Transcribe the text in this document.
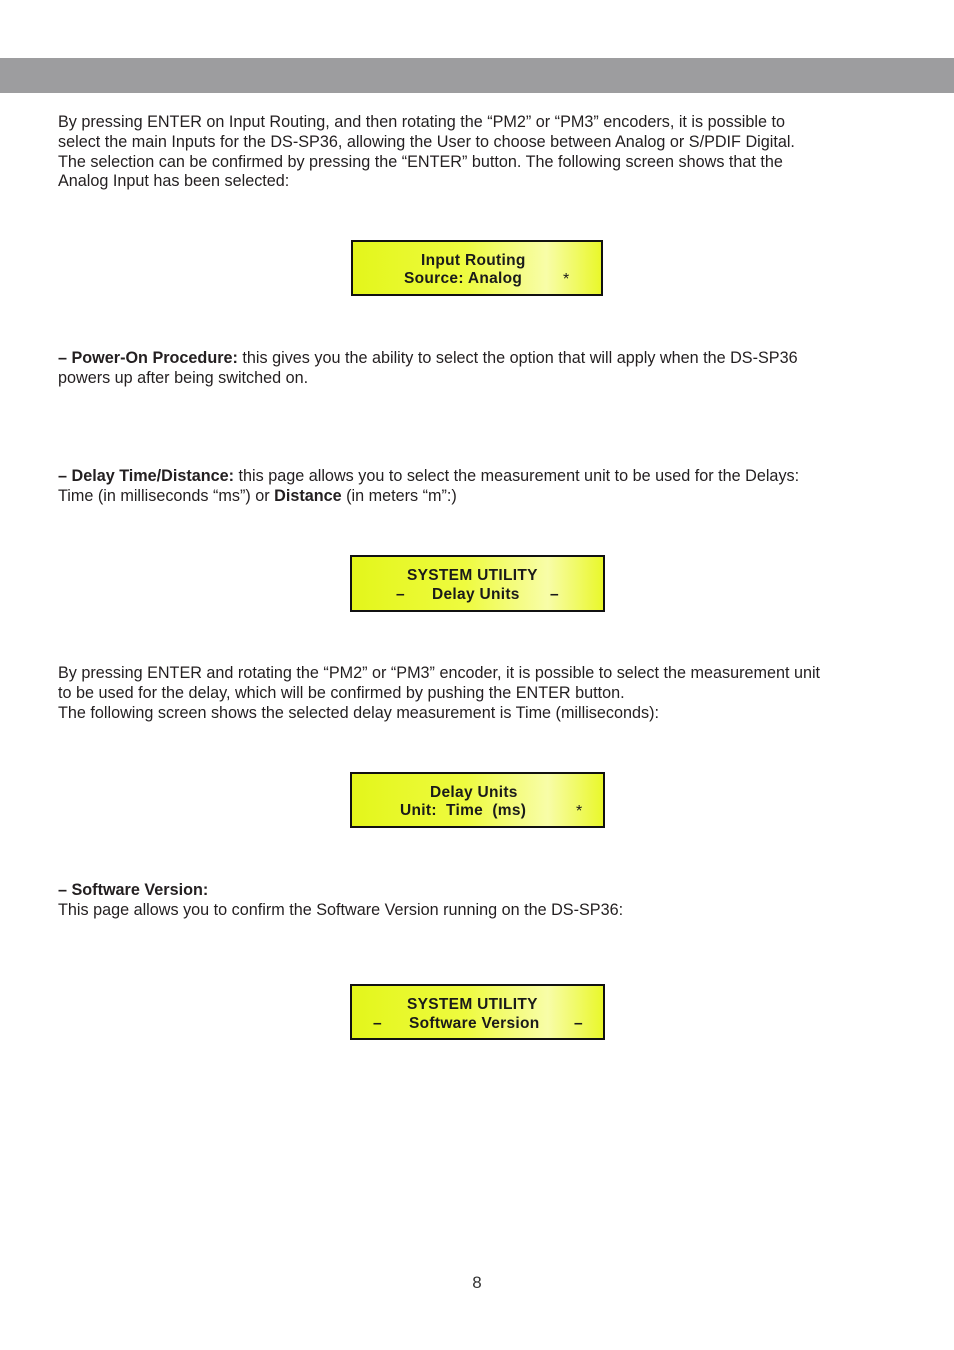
By pressing ENTER on Input Routing, and then rotating the “PM2” or “PM3” encoders, it is possible to
select the main Inputs for the DS-SP36, allowing the User to choose between Analog or S/PDIF Digital.
The selection can be confirmed by pressing the “ENTER” button. The following screen shows that the
Analog Input has been selected:
Input Routing
Source: Analog	*
– Power-On Procedure: this gives you the ability to select the option that will apply when the DS-SP36
powers up after being switched on.
– Delay Time/Distance: this page allows you to select the measurement unit to be used for the Delays:
Time (in milliseconds “ms”) or Distance (in meters “m”:)
SYSTEM UTILITY
– Delay Units –
By pressing ENTER and rotating the “PM2” or “PM3” encoder, it is possible to select the measurement unit
to be used for the delay, which will be confirmed by pushing the ENTER button.
The following screen shows the selected delay measurement is Time (milliseconds):
Delay Units
Unit:  Time  (ms)	*
– Software Version:
This page allows you to confirm the Software Version running on the DS-SP36:
SYSTEM UTILITY
– Software Version –
8
